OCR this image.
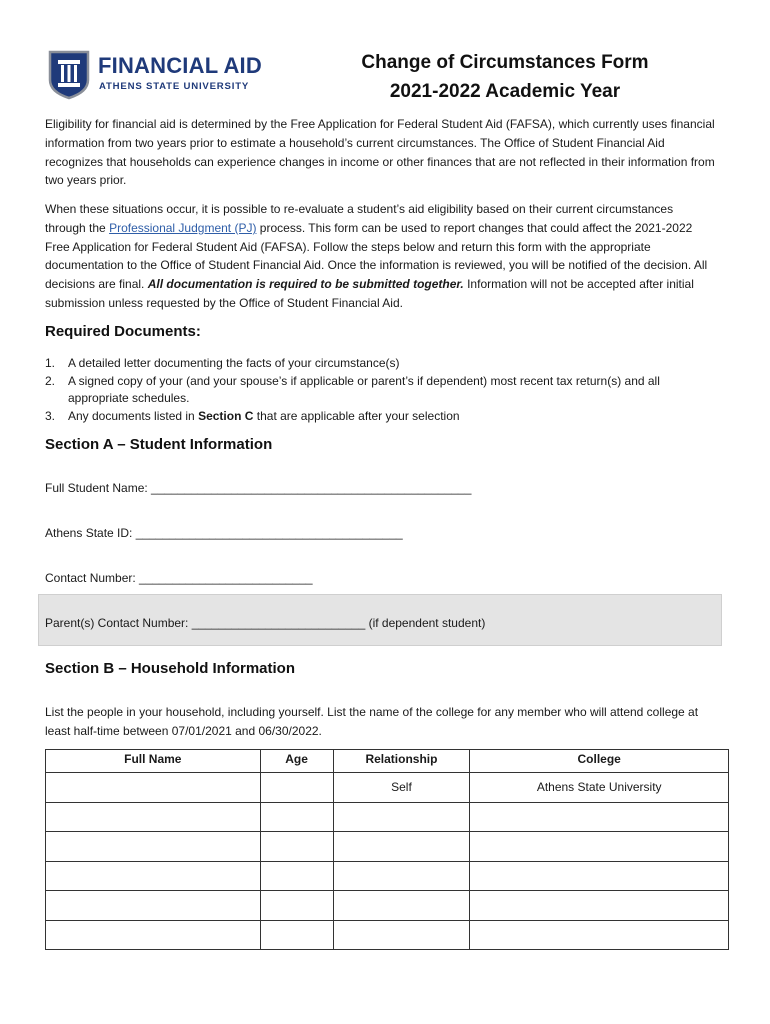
FINANCIAL AID
ATHENS STATE UNIVERSITY
Change of Circumstances Form
2021-2022 Academic Year
Eligibility for financial aid is determined by the Free Application for Federal Student Aid (FAFSA), which currently uses financial information from two years prior to estimate a household’s current circumstances. The Office of Student Financial Aid recognizes that households can experience changes in income or other finances that are not reflected in their information from two years prior.
When these situations occur, it is possible to re-evaluate a student’s aid eligibility based on their current circumstances through the Professional Judgment (PJ) process. This form can be used to report changes that could affect the 2021-2022 Free Application for Federal Student Aid (FAFSA). Follow the steps below and return this form with the appropriate documentation to the Office of Student Financial Aid. Once the information is reviewed, you will be notified of the decision. All decisions are final. All documentation is required to be submitted together. Information will not be accepted after initial submission unless requested by the Office of Student Financial Aid.
Required Documents:
1. A detailed letter documenting the facts of your circumstance(s)
2. A signed copy of your (and your spouse’s if applicable or parent’s if dependent) most recent tax return(s) and all appropriate schedules.
3. Any documents listed in Section C that are applicable after your selection
Section A – Student Information
Full Student Name: ________________________________________________
Athens State ID: ________________________________________
Contact Number: __________________________
Parent(s) Contact Number: __________________________ (if dependent student)
Section B – Household Information
List the people in your household, including yourself. List the name of the college for any member who will attend college at least half-time between 07/01/2021 and 06/30/2022.
Full Name	Age	Relationship	College
		Self	Athens State University
